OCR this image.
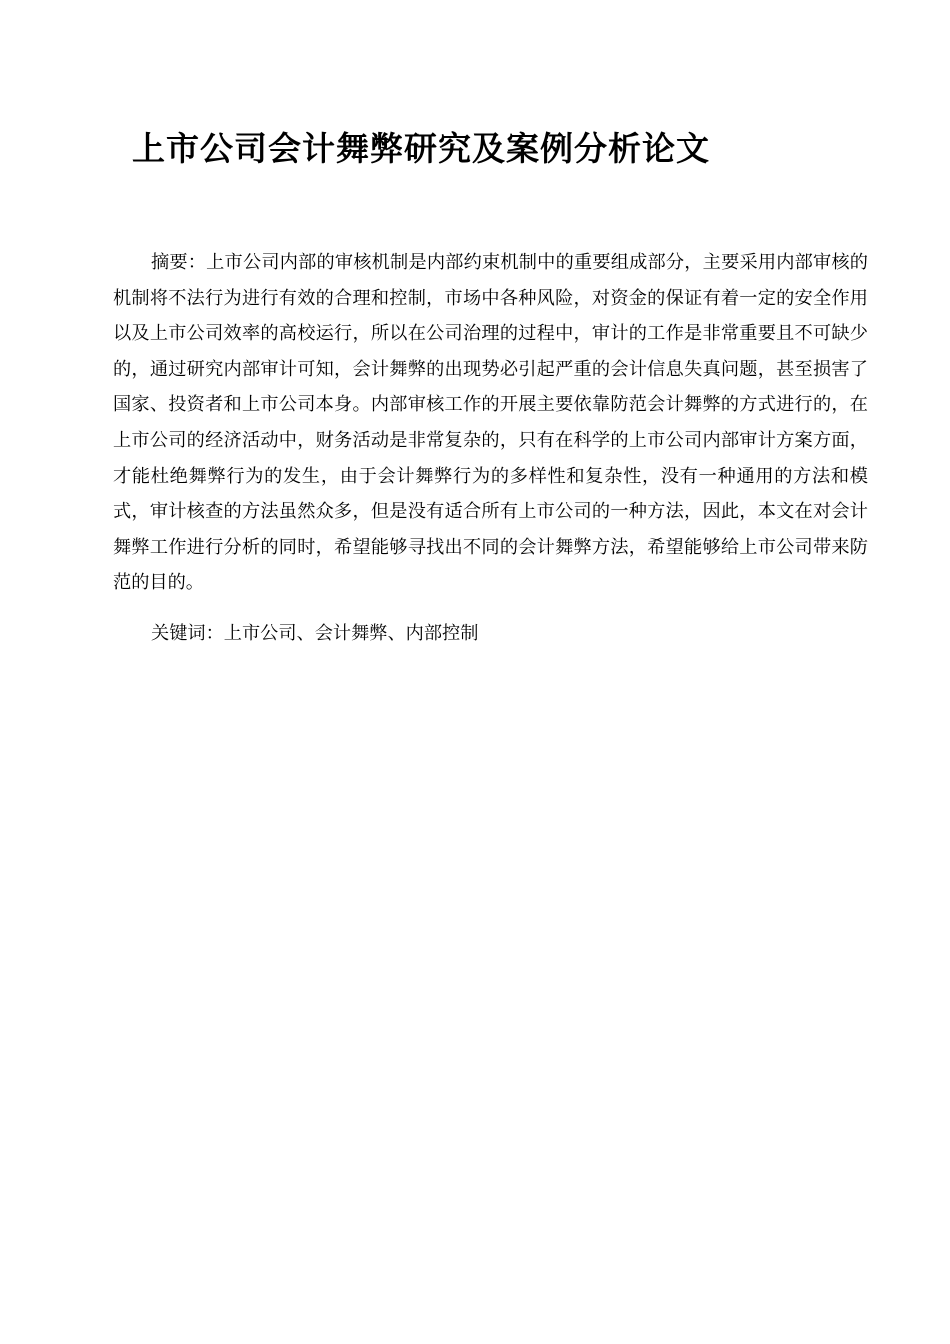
上市公司会计舞弊研究及案例分析论文

摘要：上市公司内部的审核机制是内部约束机制中的重要组成部分，主要采用内部审核的机制将不法行为进行有效的合理和控制，市场中各种风险，对资金的保证有着一定的安全作用以及上市公司效率的高校运行，所以在公司治理的过程中，审计的工作是非常重要且不可缺少的，通过研究内部审计可知，会计舞弊的出现势必引起严重的会计信息失真问题，甚至损害了国家、投资者和上市公司本身。内部审核工作的开展主要依靠防范会计舞弊的方式进行的，在上市公司的经济活动中，财务活动是非常复杂的，只有在科学的上市公司内部审计方案方面，才能杜绝舞弊行为的发生，由于会计舞弊行为的多样性和复杂性，没有一种通用的方法和模式，审计核查的方法虽然众多，但是没有适合所有上市公司的一种方法，因此，本文在对会计舞弊工作进行分析的同时，希望能够寻找出不同的会计舞弊方法，希望能够给上市公司带来防范的目的。

关键词：上市公司、会计舞弊、内部控制
